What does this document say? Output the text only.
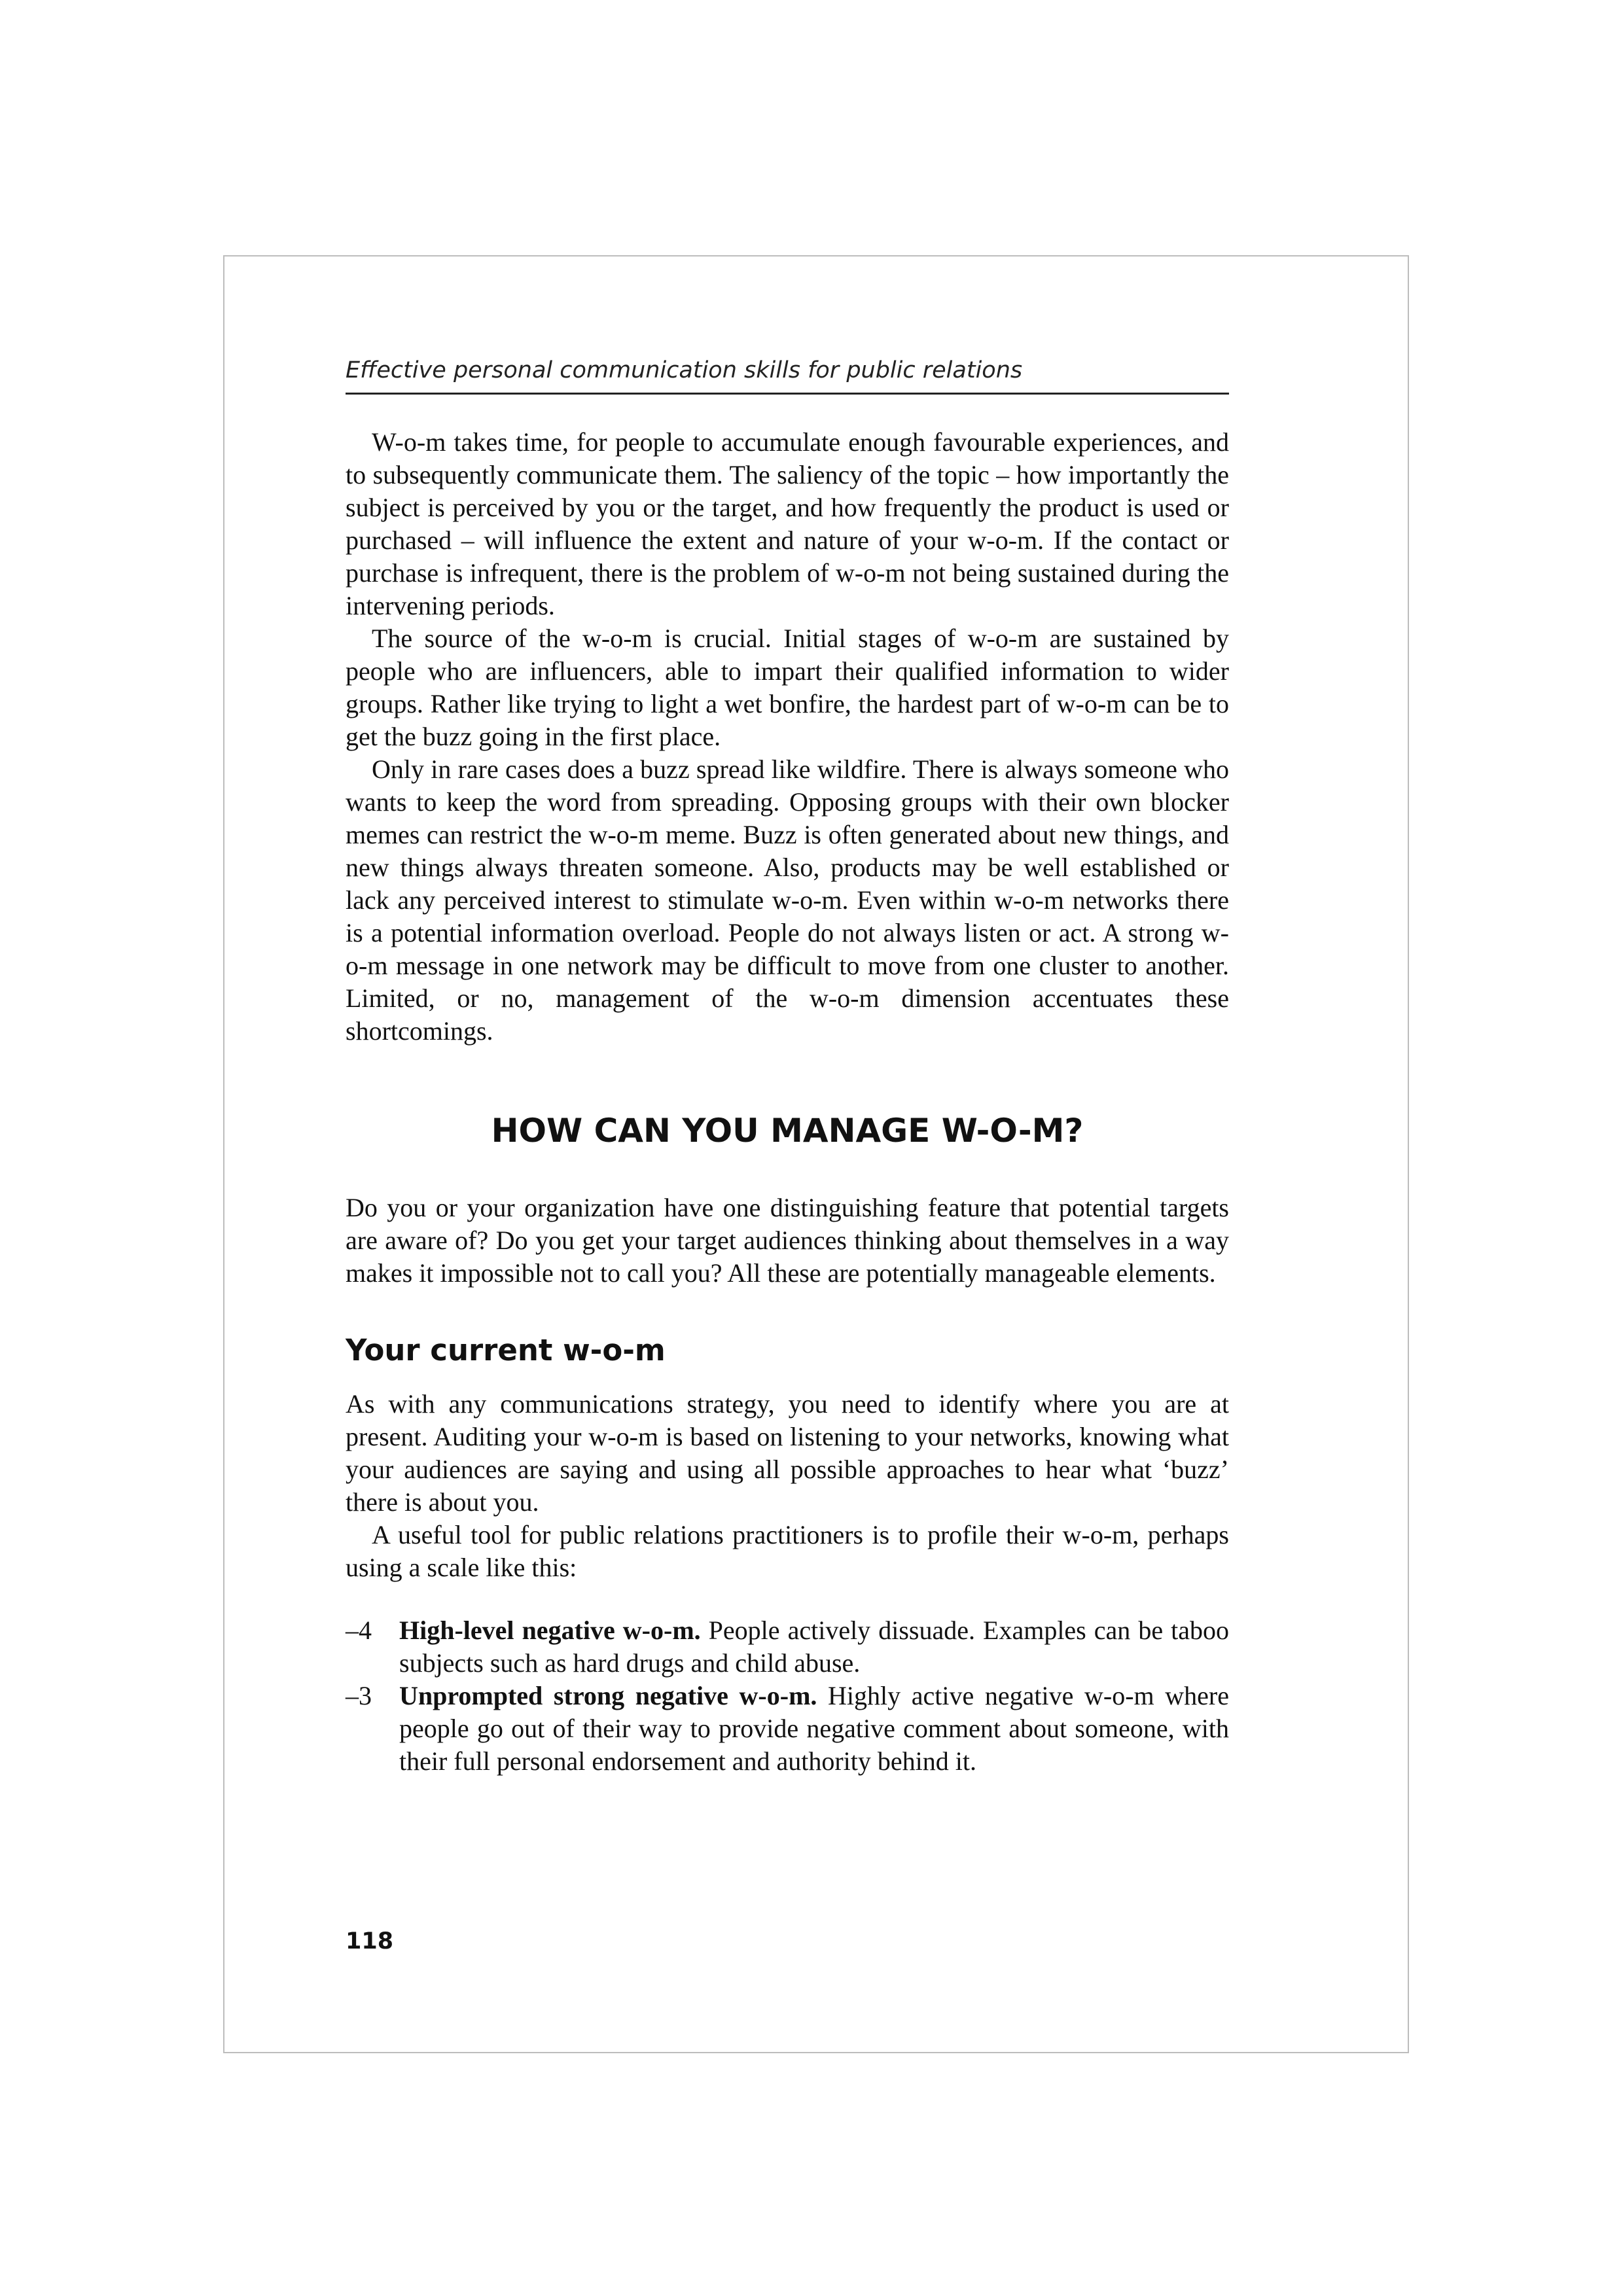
Effective personal communication skills for public relations

W-o-m takes time, for people to accumulate enough favourable experiences, and to subsequently communicate them. The saliency of the topic – how importantly the subject is perceived by you or the target, and how frequently the product is used or purchased – will influence the extent and nature of your w-o-m. If the contact or purchase is infrequent, there is the problem of w-o-m not being sustained during the intervening periods.

The source of the w-o-m is crucial. Initial stages of w-o-m are sustained by people who are influencers, able to impart their qualified information to wider groups. Rather like trying to light a wet bonfire, the hardest part of w-o-m can be to get the buzz going in the first place.

Only in rare cases does a buzz spread like wildfire. There is always someone who wants to keep the word from spreading. Opposing groups with their own blocker memes can restrict the w-o-m meme. Buzz is often generated about new things, and new things always threaten someone. Also, products may be well established or lack any perceived interest to stimulate w-o-m. Even within w-o-m networks there is a potential information overload. People do not always listen or act. A strong w-o-m message in one network may be difficult to move from one cluster to another. Limited, or no, management of the w-o-m dimension accentuates these shortcomings.

HOW CAN YOU MANAGE W-O-M?

Do you or your organization have one distinguishing feature that potential targets are aware of? Do you get your target audiences thinking about themselves in a way makes it impossible not to call you? All these are potentially manageable elements.

Your current w-o-m

As with any communications strategy, you need to identify where you are at present. Auditing your w-o-m is based on listening to your networks, knowing what your audiences are saying and using all possible approaches to hear what ‘buzz’ there is about you.

A useful tool for public relations practitioners is to profile their w-o-m, perhaps using a scale like this:

–4	High-level negative w-o-m. People actively dissuade. Examples can be taboo subjects such as hard drugs and child abuse.
–3	Unprompted strong negative w-o-m. Highly active negative w-o-m where people go out of their way to provide negative comment about someone, with their full personal endorsement and authority behind it.
118
